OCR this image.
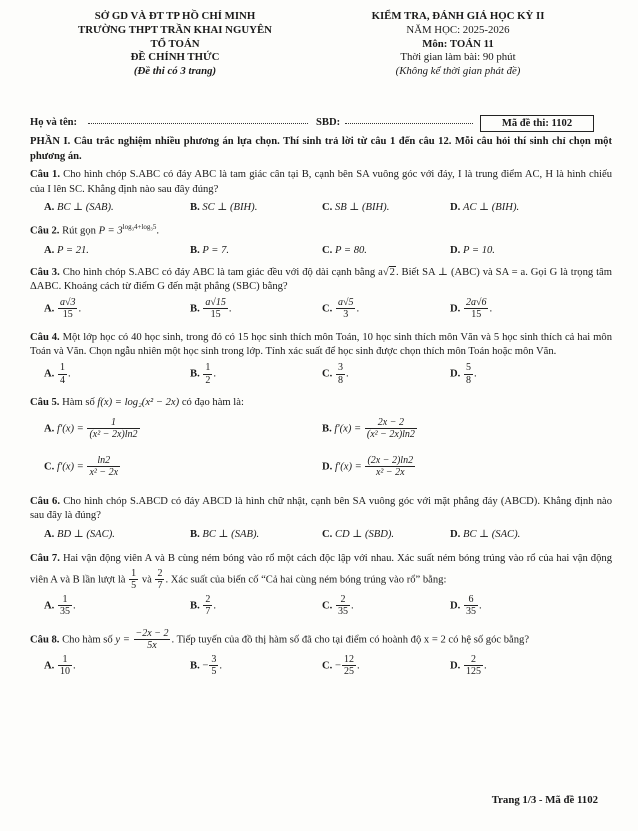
SỞ GD VÀ ĐT TP HỒ CHÍ MINH
TRƯỜNG THPT TRẦN KHAI NGUYÊN
TỔ TOÁN
ĐỀ CHÍNH THỨC
(Đề thi có 3 trang)
KIỂM TRA, ĐÁNH GIÁ HỌC KỲ II
NĂM HỌC: 2025-2026
Môn: TOÁN 11
Thời gian làm bài: 90 phút
(Không kể thời gian phát đề)
Họ và tên:	SBD:	Mã đề thi: 1102

PHẦN I. Câu trắc nghiệm nhiều phương án lựa chọn. Thí sinh trả lời từ câu 1 đến câu 12. Mỗi câu hỏi thí sinh chỉ chọn một phương án.

Câu 1. Cho hình chóp S.ABC có đáy ABC là tam giác cân tại B, cạnh bên SA vuông góc với đáy, I là trung điểm AC, H là hình chiếu của I lên SC. Khẳng định nào sau đây đúng?

A. BC ⊥ (SAB).	B. SC ⊥ (BIH).	C. SB ⊥ (BIH).	D. AC ⊥ (BIH).

Câu 2. Rút gọn $P = 3^{log_34+log_35}$.

A. P = 21.	B. P = 7.	C. P = 80.	D. P = 10.

Câu 3. Cho hình chóp S.ABC có đáy ABC là tam giác đều với độ dài cạnh bằng a√2. Biết SA ⊥ (ABC) và SA = a. Gọi G là trọng tâm ΔABC. Khoảng cách từ điểm G đến mặt phẳng (SBC) bằng?

A. $\frac{a√3}{15}$ .	B. $\frac{a√15}{15}$ .	C. $\frac{a√5}{3}$ .	D. $\frac{2a√6}{15}$ .

Câu 4. Một lớp học có 40 học sinh, trong đó có 15 học sinh thích môn Toán, 10 học sinh thích môn Văn và 5 học sinh thích cả hai môn Toán và Văn. Chọn ngẫu nhiên một học sinh trong lớp. Tính xác suất để học sinh được chọn thích môn Toán hoặc môn Văn.

A. $\frac{1}{4}$ .	B. $\frac{1}{2}$ .	C. $\frac{3}{8}$ .	D. $\frac{5}{8}$ .

Câu 5. Hàm số f(x) = log₂(x² − 2x) có đạo hàm là:

A. $f'(x) = \frac{1}{\text{(x² − 2x)ln2}}$	B. $f'(x) = \frac{2x - 2}{\text{(x² − 2x)ln2}}$
C. $f'(x) = \frac{\ln 2}{\text{x² − 2x}}$	D. $f'(x) = \frac{(2x - 2)\ln 2}{\text{x² − 2x}}$

Câu 6. Cho hình chóp S.ABCD có đáy ABCD là hình chữ nhật, cạnh bên SA vuông góc với mặt phẳng đáy (ABCD). Khẳng định nào sau đây là đúng?

A. BD ⊥ (SAC).	B. BC ⊥ (SAB).	C. CD ⊥ (SBD).	D. BC ⊥ (SAC).

Câu 7. Hai vận động viên A và B cùng ném bóng vào rổ một cách độc lập với nhau. Xác suất ném bóng trúng vào rổ của hai vận động viên A và B lần lượt là $\frac{1}{5}$ và $\frac{2}{7}$ . Xác suất của biến cố “Cả hai cùng ném bóng trúng vào rổ” bằng:

A. $\frac{1}{35}$ .	B. $\frac{2}{7}$ .	C. $\frac{2}{35}$ .	D. $\frac{6}{35}$ .

Câu 8. Cho hàm số $y = \frac{-2x - 2}{5x}$ . Tiếp tuyến của đồ thị hàm số đã cho tại điểm có hoành độ x = 2 có hệ số góc bằng?

A. $\frac{1}{10}$ .	B. − $\frac{3}{5}$ .	C. − $\frac{12}{25}$ .	D. $\frac{2}{125}$ .
Trang 1/3 - Mã đề 1102
